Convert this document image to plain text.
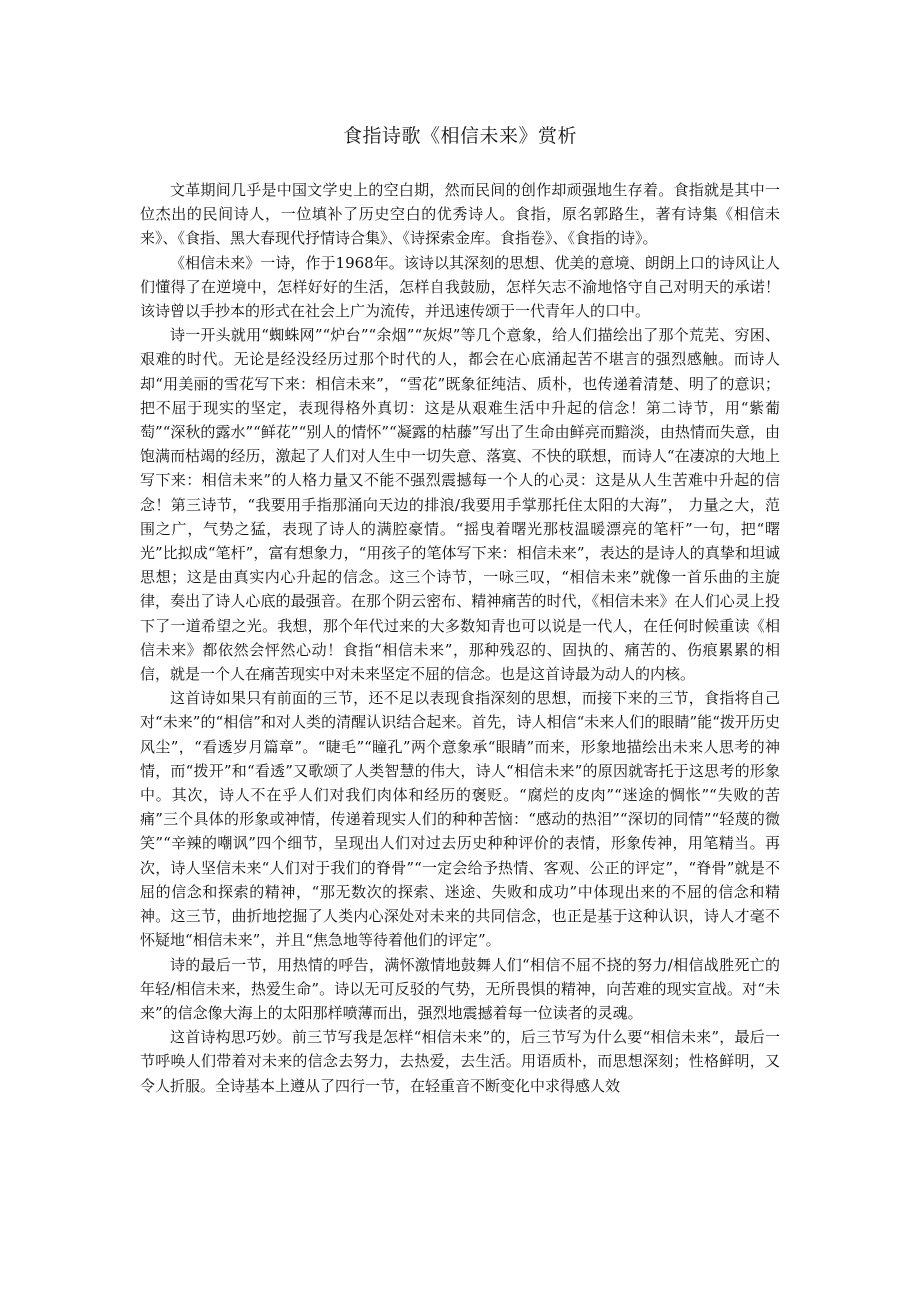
食指诗歌《相信未来》赏析

文革期间几乎是中国文学史上的空白期，然而民间的创作却顽强地生存着。食指就是其中一位杰出的民间诗人，一位填补了历史空白的优秀诗人。食指，原名郭路生，著有诗集《相信未来》、《食指、黑大春现代抒情诗合集》、《诗探索金库。食指卷》、《食指的诗》。

《相信未来》一诗，作于1968年。该诗以其深刻的思想、优美的意境、朗朗上口的诗风让人们懂得了在逆境中，怎样好好的生活，怎样自我鼓励，怎样矢志不渝地恪守自己对明天的承诺！该诗曾以手抄本的形式在社会上广为流传，并迅速传颂于一代青年人的口中。

诗一开头就用“蜘蛛网”“炉台”“余烟”“灰烬”等几个意象，给人们描绘出了那个荒芜、穷困、艰难的时代。无论是经没经历过那个时代的人，都会在心底涌起苦不堪言的强烈感触。而诗人却“用美丽的雪花写下来：相信未来”，“雪花”既象征纯洁、质朴，也传递着清楚、明了的意识；把不屈于现实的坚定，表现得格外真切：这是从艰难生活中升起的信念！第二诗节，用“紫葡萄”“深秋的露水”“鲜花”“别人的情怀”“凝露的枯藤”写出了生命由鲜亮而黯淡，由热情而失意，由饱满而枯竭的经历，激起了人们对人生中一切失意、落寞、不快的联想，而诗人“在凄凉的大地上写下来：相信未来”的人格力量又不能不强烈震撼每一个人的心灵：这是从人生苦难中升起的信念！第三诗节，“我要用手指那涌向天边的排浪/我要用手掌那托住太阳的大海”， 力量之大，范围之广，气势之猛，表现了诗人的满腔豪情。“摇曳着曙光那枝温暖漂亮的笔杆”一句，把“曙光”比拟成“笔杆”，富有想象力，“用孩子的笔体写下来：相信未来”，表达的是诗人的真挚和坦诚思想；这是由真实内心升起的信念。这三个诗节，一咏三叹，“相信未来”就像一首乐曲的主旋律，奏出了诗人心底的最强音。在那个阴云密布、精神痛苦的时代，《相信未来》在人们心灵上投下了一道希望之光。我想，那个年代过来的大多数知青也可以说是一代人，在任何时候重读《相信未来》都依然会怦然心动！食指“相信未来”，那种残忍的、固执的、痛苦的、伤痕累累的相信，就是一个人在痛苦现实中对未来坚定不屈的信念。也是这首诗最为动人的内核。

这首诗如果只有前面的三节，还不足以表现食指深刻的思想，而接下来的三节，食指将自己对“未来”的“相信”和对人类的清醒认识结合起来。首先，诗人相信“未来人们的眼睛”能“拨开历史风尘”，“看透岁月篇章”。“睫毛”“瞳孔”两个意象承“眼睛”而来，形象地描绘出未来人思考的神情，而“拨开”和“看透”又歌颂了人类智慧的伟大，诗人“相信未来”的原因就寄托于这思考的形象中。其次，诗人不在乎人们对我们肉体和经历的褒贬。“腐烂的皮肉”“迷途的惆怅”“失败的苦痛”三个具体的形象或神情，传递着现实人们的种种苦恼：“感动的热泪”“深切的同情”“轻蔑的微笑”“辛辣的嘲讽”四个细节，呈现出人们对过去历史种种评价的表情，形象传神，用笔精当。再次，诗人坚信未来“人们对于我们的脊骨”“一定会给予热情、客观、公正的评定”，“脊骨”就是不屈的信念和探索的精神，“那无数次的探索、迷途、失败和成功”中体现出来的不屈的信念和精神。这三节，曲折地挖掘了人类内心深处对未来的共同信念，也正是基于这种认识，诗人才毫不怀疑地“相信未来”，并且“焦急地等待着他们的评定”。

诗的最后一节，用热情的呼告，满怀激情地鼓舞人们“相信不屈不挠的努力/相信战胜死亡的年轻/相信未来，热爱生命”。诗以无可反驳的气势，无所畏惧的精神，向苦难的现实宣战。对“未来”的信念像大海上的太阳那样喷薄而出，强烈地震撼着每一位读者的灵魂。

这首诗构思巧妙。前三节写我是怎样“相信未来”的，后三节写为什么要“相信未来”，最后一节呼唤人们带着对未来的信念去努力，去热爱，去生活。用语质朴，而思想深刻；性格鲜明，又令人折服。全诗基本上遵从了四行一节，在轻重音不断变化中求得感人效
